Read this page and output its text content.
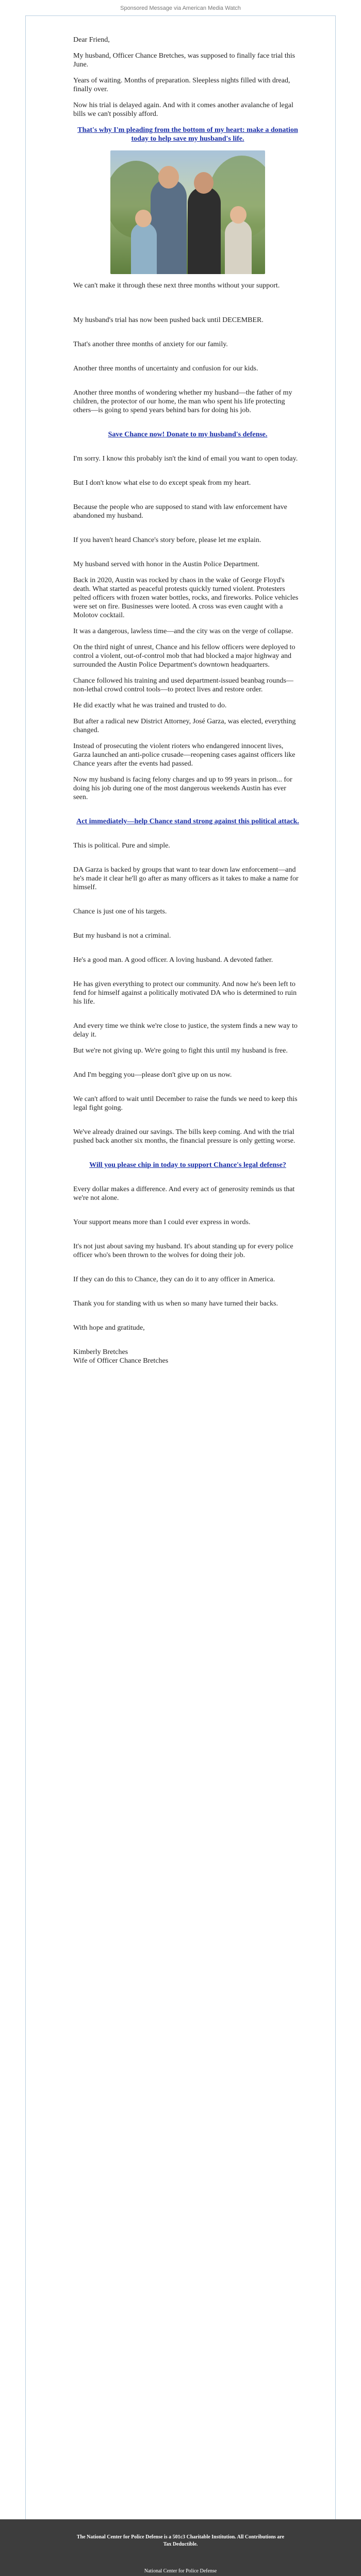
Sponsored Message via American Media Watch

Dear Friend,

My husband, Officer Chance Bretches, was supposed to finally face trial this June.

Years of waiting. Months of preparation. Sleepless nights filled with dread, finally over.

Now his trial is delayed again. And with it comes another avalanche of legal bills we can't possibly afford.

That's why I'm pleading from the bottom of my heart: make a donation today to help save my husband's life.

We can't make it through these next three months without your support.

My husband's trial has now been pushed back until DECEMBER.

That's another three months of anxiety for our family.

Another three months of uncertainty and confusion for our kids.

Another three months of wondering whether my husband—the father of my children, the protector of our home, the man who spent his life protecting others—is going to spend years behind bars for doing his job.

Save Chance now! Donate to my husband's defense.

I'm sorry. I know this probably isn't the kind of email you want to open today.

But I don't know what else to do except speak from my heart.

Because the people who are supposed to stand with law enforcement have abandoned my husband.

If you haven't heard Chance's story before, please let me explain.

My husband served with honor in the Austin Police Department.

Back in 2020, Austin was rocked by chaos in the wake of George Floyd's death. What started as peaceful protests quickly turned violent. Protesters pelted officers with frozen water bottles, rocks, and fireworks. Police vehicles were set on fire. Businesses were looted. A cross was even caught with a Molotov cocktail.

It was a dangerous, lawless time—and the city was on the verge of collapse.

On the third night of unrest, Chance and his fellow officers were deployed to control a violent, out-of-control mob that had blocked a major highway and surrounded the Austin Police Department's downtown headquarters.

Chance followed his training and used department-issued beanbag rounds—non-lethal crowd control tools—to protect lives and restore order.

He did exactly what he was trained and trusted to do.

But after a radical new District Attorney, José Garza, was elected, everything changed.

Instead of prosecuting the violent rioters who endangered innocent lives, Garza launched an anti-police crusade—reopening cases against officers like Chance years after the events had passed.

Now my husband is facing felony charges and up to 99 years in prison... for doing his job during one of the most dangerous weekends Austin has ever seen.

Act immediately—help Chance stand strong against this political attack.

This is political. Pure and simple.

DA Garza is backed by groups that want to tear down law enforcement—and he's made it clear he'll go after as many officers as it takes to make a name for himself.

Chance is just one of his targets.

But my husband is not a criminal.

He's a good man. A good officer. A loving husband. A devoted father.

He has given everything to protect our community. And now he's been left to fend for himself against a politically motivated DA who is determined to ruin his life.

And every time we think we're close to justice, the system finds a new way to delay it.

But we're not giving up. We're going to fight this until my husband is free.

And I'm begging you—please don't give up on us now.

We can't afford to wait until December to raise the funds we need to keep this legal fight going.

We've already drained our savings. The bills keep coming. And with the trial pushed back another six months, the financial pressure is only getting worse.

Will you please chip in today to support Chance's legal defense?

Every dollar makes a difference. And every act of generosity reminds us that we're not alone.

Your support means more than I could ever express in words.

It's not just about saving my husband. It's about standing up for every police officer who's been thrown to the wolves for doing their job.

If they can do this to Chance, they can do it to any officer in America.

Thank you for standing with us when so many have turned their backs.

With hope and gratitude,

Kimberly Bretches

Wife of Officer Chance Bretches

The National Center for Police Defense is a 501c3 Charitable Institution. All Contributions are Tax Deductible.
National Center for Police Defense
